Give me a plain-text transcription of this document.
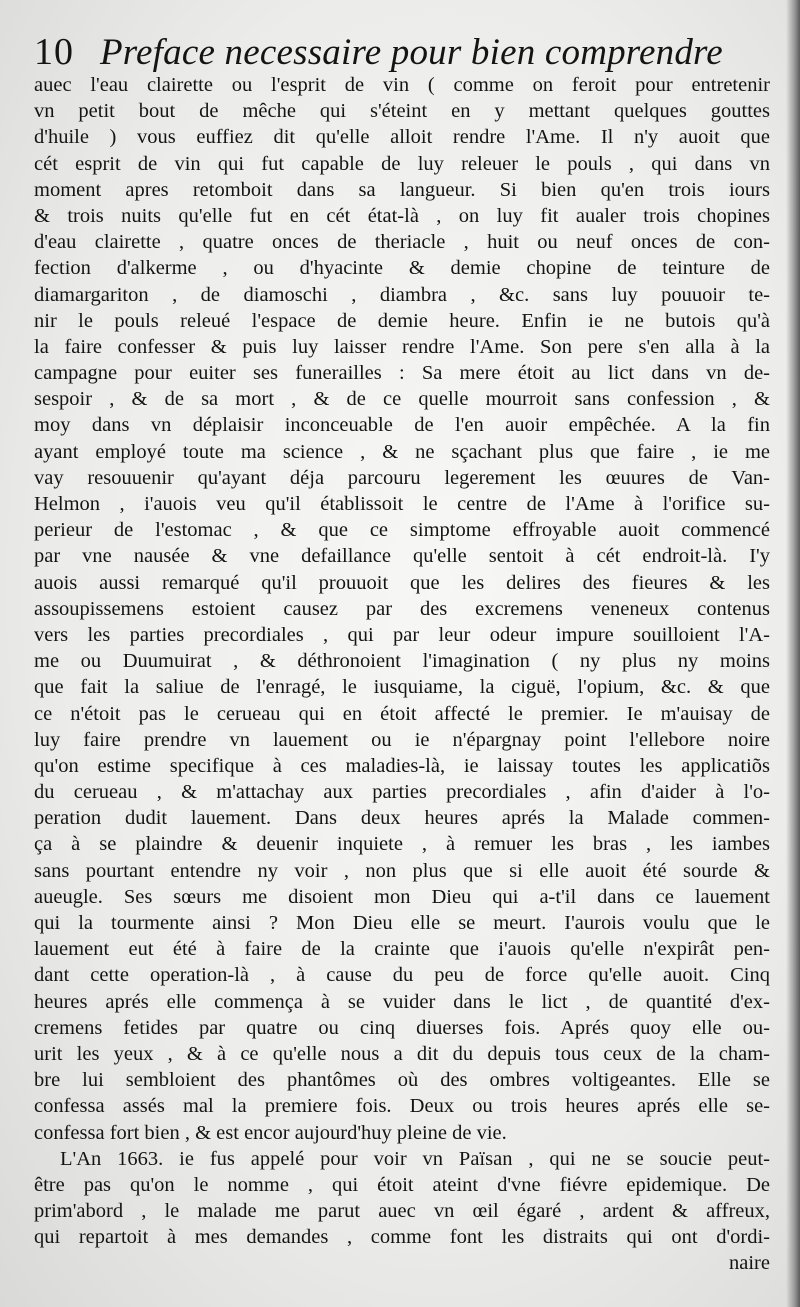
10 Preface necessaire pour bien comprendre
auec l'eau clairette ou l'esprit de vin ( comme on feroit pour entretenir
vn petit bout de mêche qui s'éteint en y mettant quelques gouttes
d'huile ) vous euffiez dit qu'elle alloit rendre l'Ame. Il n'y auoit que
cét esprit de vin qui fut capable de luy releuer le pouls , qui dans vn
moment apres retomboit dans sa langueur. Si bien qu'en trois iours
& trois nuits qu'elle fut en cét état-là , on luy fit aualer trois chopines
d'eau clairette , quatre onces de theriacle , huit ou neuf onces de con-
fection d'alkerme , ou d'hyacinte & demie chopine de teinture de
diamargariton , de diamoschi , diambra , &c. sans luy pouuoir te-
nir le pouls releué l'espace de demie heure. Enfin ie ne butois qu'à
la faire confesser & puis luy laisser rendre l'Ame. Son pere s'en alla à la
campagne pour euiter ses funerailles : Sa mere étoit au lict dans vn de-
sespoir , & de sa mort , & de ce quelle mourroit sans confession , &
moy dans vn déplaisir inconceuable de l'en auoir empêchée. A la fin
ayant employé toute ma science , & ne sçachant plus que faire , ie me
vay resouuenir qu'ayant déja parcouru legerement les œuures de Van-
Helmon , i'auois veu qu'il établissoit le centre de l'Ame à l'orifice su-
perieur de l'estomac , & que ce simptome effroyable auoit commencé
par vne nausée & vne defaillance qu'elle sentoit à cét endroit-là. I'y
auois aussi remarqué qu'il prouuoit que les delires des fieures & les
assoupissemens estoient causez par des excremens veneneux contenus
vers les parties precordiales , qui par leur odeur impure souilloient l'A-
me ou Duumuirat , & déthronoient l'imagination ( ny plus ny moins
que fait la saliue de l'enragé, le iusquiame, la ciguë, l'opium, &c. & que
ce n'étoit pas le cerueau qui en étoit affecté le premier. Ie m'auisay de
luy faire prendre vn lauement ou ie n'épargnay point l'ellebore noire
qu'on estime specifique à ces maladies-là, ie laissay toutes les applicatiõs
du cerueau , & m'attachay aux parties precordiales , afin d'aider à l'o-
peration dudit lauement. Dans deux heures aprés la Malade commen-
ça à se plaindre & deuenir inquiete , à remuer les bras , les iambes
sans pourtant entendre ny voir , non plus que si elle auoit été sourde &
aueugle. Ses sœurs me disoient mon Dieu qui a-t'il dans ce lauement
qui la tourmente ainsi ? Mon Dieu elle se meurt. I'aurois voulu que le
lauement eut été à faire de la crainte que i'auois qu'elle n'expirât pen-
dant cette operation-là , à cause du peu de force qu'elle auoit. Cinq
heures aprés elle commença à se vuider dans le lict , de quantité d'ex-
cremens fetides par quatre ou cinq diuerses fois. Aprés quoy elle ou-
urit les yeux , & à ce qu'elle nous a dit du depuis tous ceux de la cham-
bre lui sembloient des phantômes où des ombres voltigeantes. Elle se
confessa assés mal la premiere fois. Deux ou trois heures aprés elle se-
confessa fort bien , & est encor aujourd'huy pleine de vie.
L'An 1663. ie fus appelé pour voir vn Païsan , qui ne se soucie peut-
être pas qu'on le nomme , qui étoit ateint d'vne fiévre epidemique. De
prim'abord , le malade me parut auec vn œil égaré , ardent & affreux,
qui repartoit à mes demandes , comme font les distraits qui ont d'ordi-
naire
